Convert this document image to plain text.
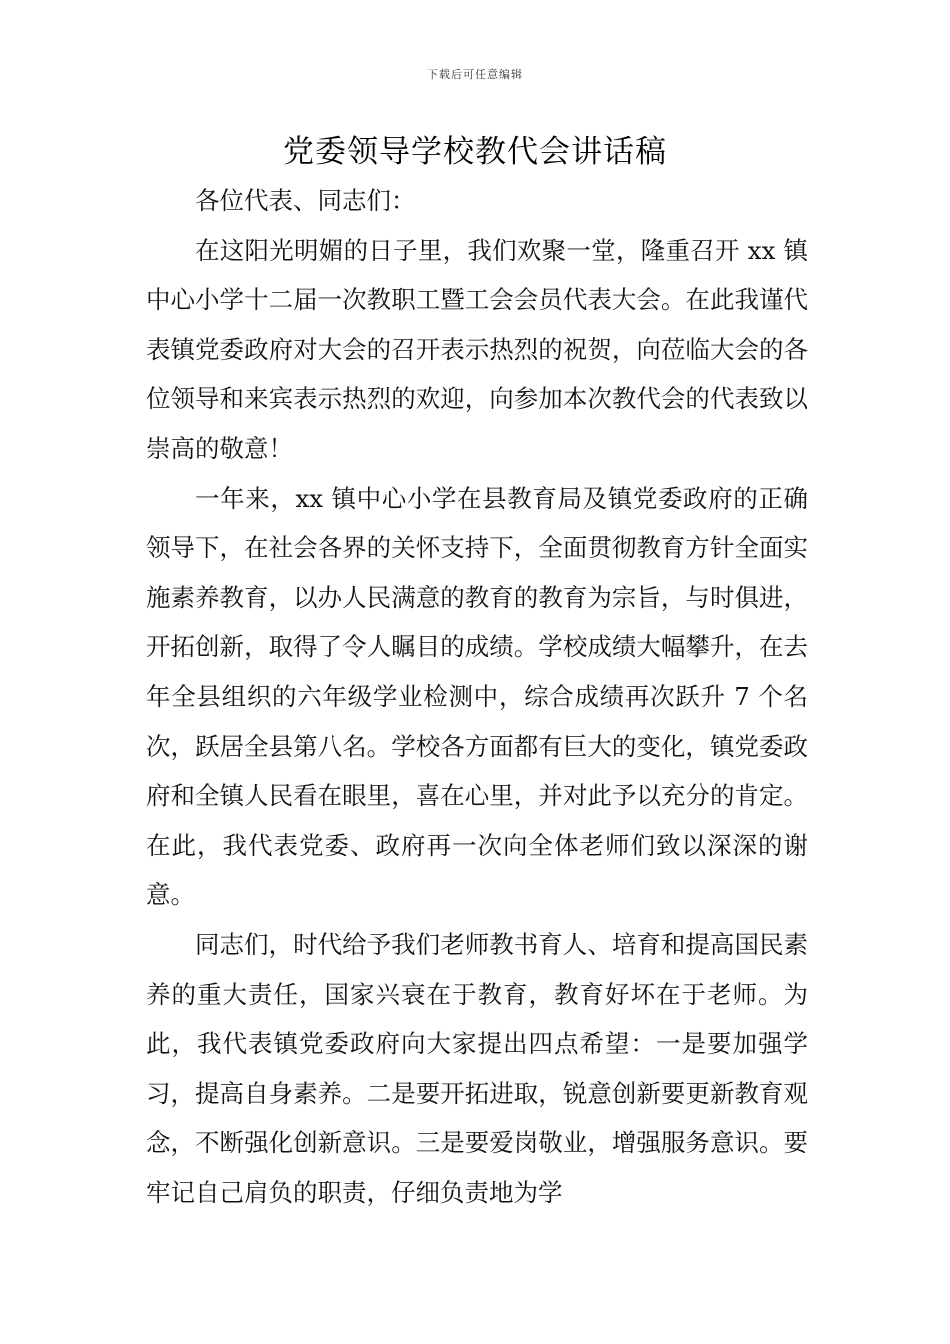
下载后可任意编辑
党委领导学校教代会讲话稿

各位代表、同志们：

在这阳光明媚的日子里，我们欢聚一堂，隆重召开 xx 镇中心小学十二届一次教职工暨工会会员代表大会。在此我谨代表镇党委政府对大会的召开表示热烈的祝贺，向莅临大会的各位领导和来宾表示热烈的欢迎，向参加本次教代会的代表致以崇高的敬意！

一年来，xx 镇中心小学在县教育局及镇党委政府的正确领导下，在社会各界的关怀支持下，全面贯彻教育方针全面实施素养教育，以办人民满意的教育的教育为宗旨，与时俱进，开拓创新，取得了令人瞩目的成绩。学校成绩大幅攀升，在去年全县组织的六年级学业检测中，综合成绩再次跃升 7 个名次，跃居全县第八名。学校各方面都有巨大的变化，镇党委政府和全镇人民看在眼里，喜在心里，并对此予以充分的肯定。在此，我代表党委、政府再一次向全体老师们致以深深的谢意。

同志们，时代给予我们老师教书育人、培育和提高国民素养的重大责任，国家兴衰在于教育，教育好坏在于老师。为此，我代表镇党委政府向大家提出四点希望：一是要加强学习，提高自身素养。二是要开拓进取，锐意创新要更新教育观念，不断强化创新意识。三是要爱岗敬业，增强服务意识。要牢记自己肩负的职责，仔细负责地为学
